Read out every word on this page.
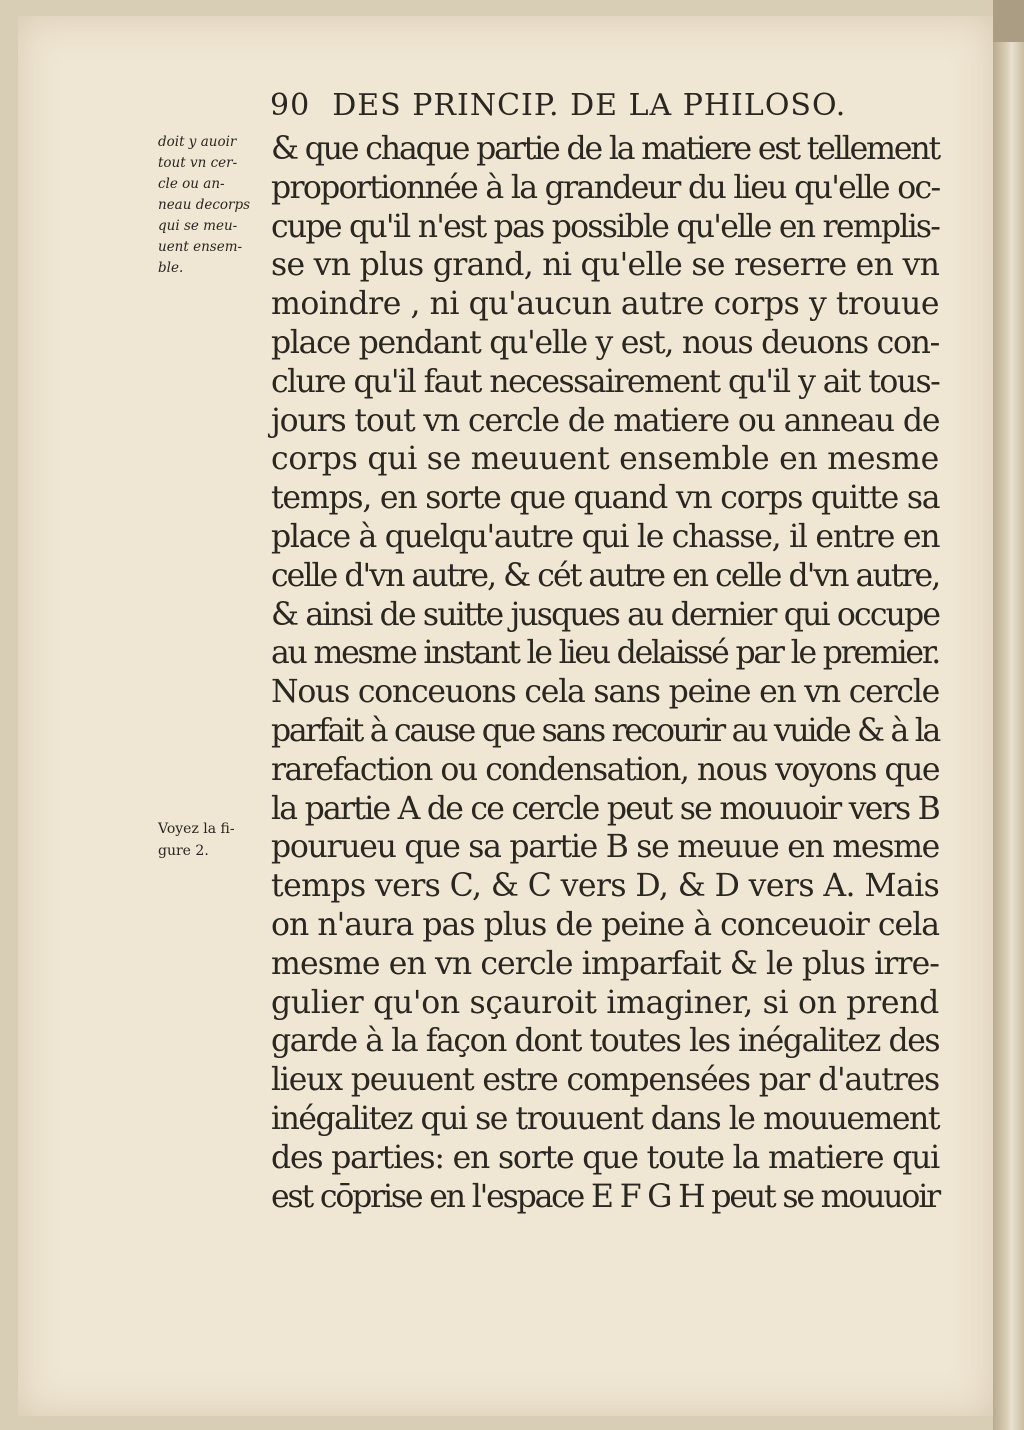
90 DES PRINCIP. DE LA PHILOSO.
doit y auoir
tout vn cer-
cle ou an-
neau decorps
qui se meu-
uent ensem-
ble.
Voyez la fi-
gure 2.
& que chaque partie de la matiere est tellement
proportionnée à la grandeur du lieu qu'elle oc-
cupe qu'il n'est pas possible qu'elle en remplis-
se vn plus grand, ni qu'elle se reserre en vn
moindre , ni qu'aucun autre corps y trouue
place pendant qu'elle y est, nous deuons con-
clure qu'il faut necessairement qu'il y ait tous-
jours tout vn cercle de matiere ou anneau de
corps qui se meuuent ensemble en mesme
temps, en sorte que quand vn corps quitte sa
place à quelqu'autre qui le chasse, il entre en
celle d'vn autre, & cét autre en celle d'vn autre,
& ainsi de suitte jusques au dernier qui occupe
au mesme instant le lieu delaissé par le premier.
Nous conceuons cela sans peine en vn cercle
parfait à cause que sans recourir au vuide & à la
rarefaction ou condensation, nous voyons que
la partie A de ce cercle peut se mouuoir vers B
pourueu que sa partie B se meuue en mesme
temps vers C, & C vers D, & D vers A. Mais
on n'aura pas plus de peine à conceuoir cela
mesme en vn cercle imparfait & le plus irre-
gulier qu'on sçauroit imaginer, si on prend
garde à la façon dont toutes les inégalitez des
lieux peuuent estre compensées par d'autres
inégalitez qui se trouuent dans le mouuement
des parties: en sorte que toute la matiere qui
est cōprise en l'espace E F G H peut se mouuoir
